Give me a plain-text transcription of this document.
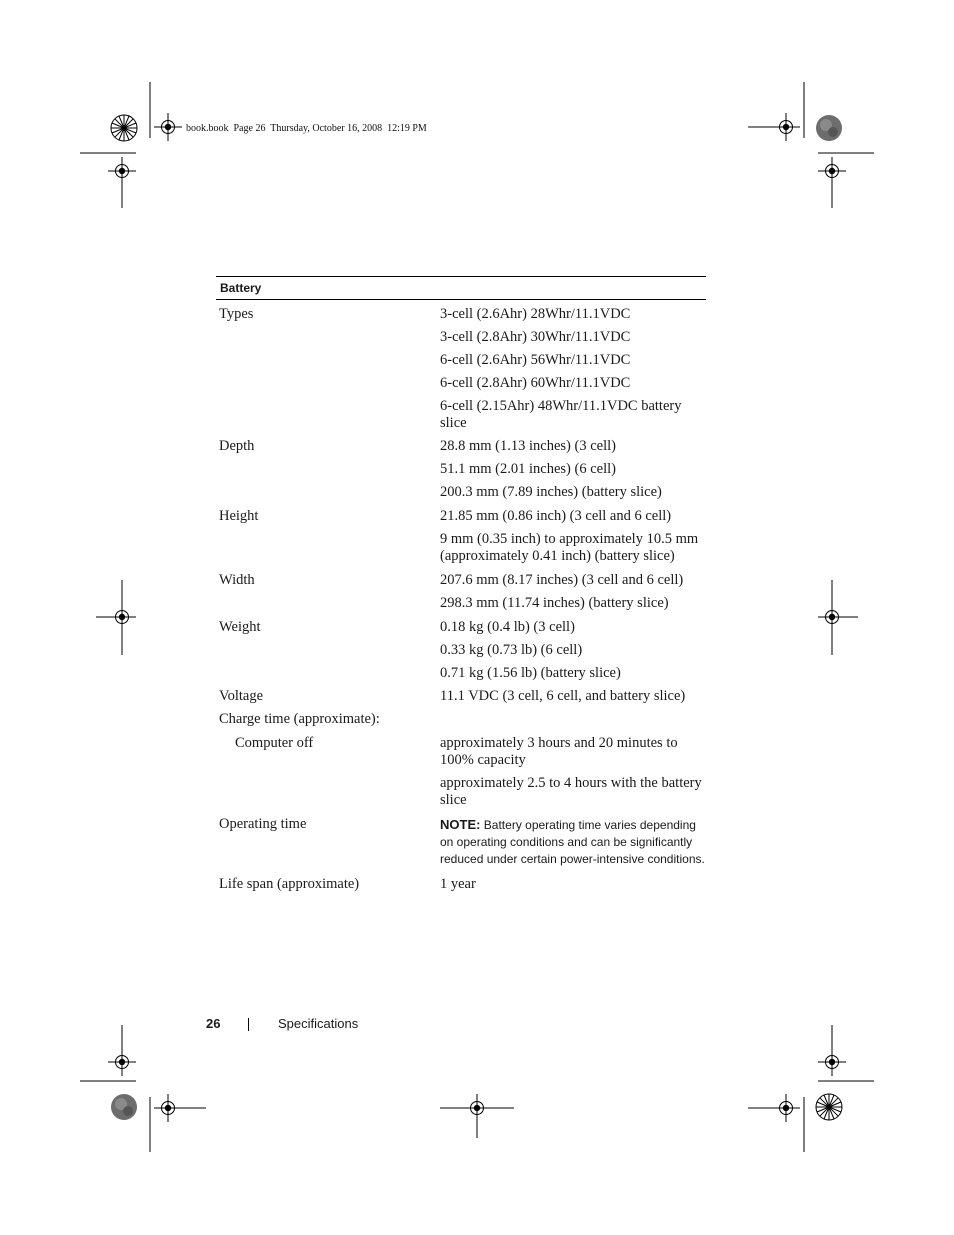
book.book  Page 26  Thursday, October 16, 2008  12:19 PM
Battery
Types	3-cell (2.6Ahr) 28Whr/11.1VDC
3-cell (2.8Ahr) 30Whr/11.1VDC
6-cell (2.6Ahr) 56Whr/11.1VDC
6-cell (2.8Ahr) 60Whr/11.1VDC
6-cell (2.15Ahr) 48Whr/11.1VDC battery slice
Depth	28.8 mm (1.13 inches) (3 cell)
51.1 mm (2.01 inches) (6 cell)
200.3 mm (7.89 inches) (battery slice)
Height	21.85 mm (0.86 inch) (3 cell and 6 cell)
9 mm (0.35 inch) to approximately 10.5 mm (approximately 0.41 inch) (battery slice)
Width	207.6 mm (8.17 inches) (3 cell and 6 cell)
298.3 mm (11.74 inches) (battery slice)
Weight	0.18 kg (0.4 lb) (3 cell)
0.33 kg (0.73 lb) (6 cell)
0.71 kg (1.56 lb) (battery slice)
Voltage	11.1 VDC (3 cell, 6 cell, and battery slice)
Charge time (approximate):
Computer off	approximately 3 hours and 20 minutes to 100% capacity
approximately 2.5 to 4 hours with the battery slice
Operating time	NOTE: Battery operating time varies depending on operating conditions and can be significantly reduced under certain power-intensive conditions.
Life span (approximate)	1 year
26	Specifications
